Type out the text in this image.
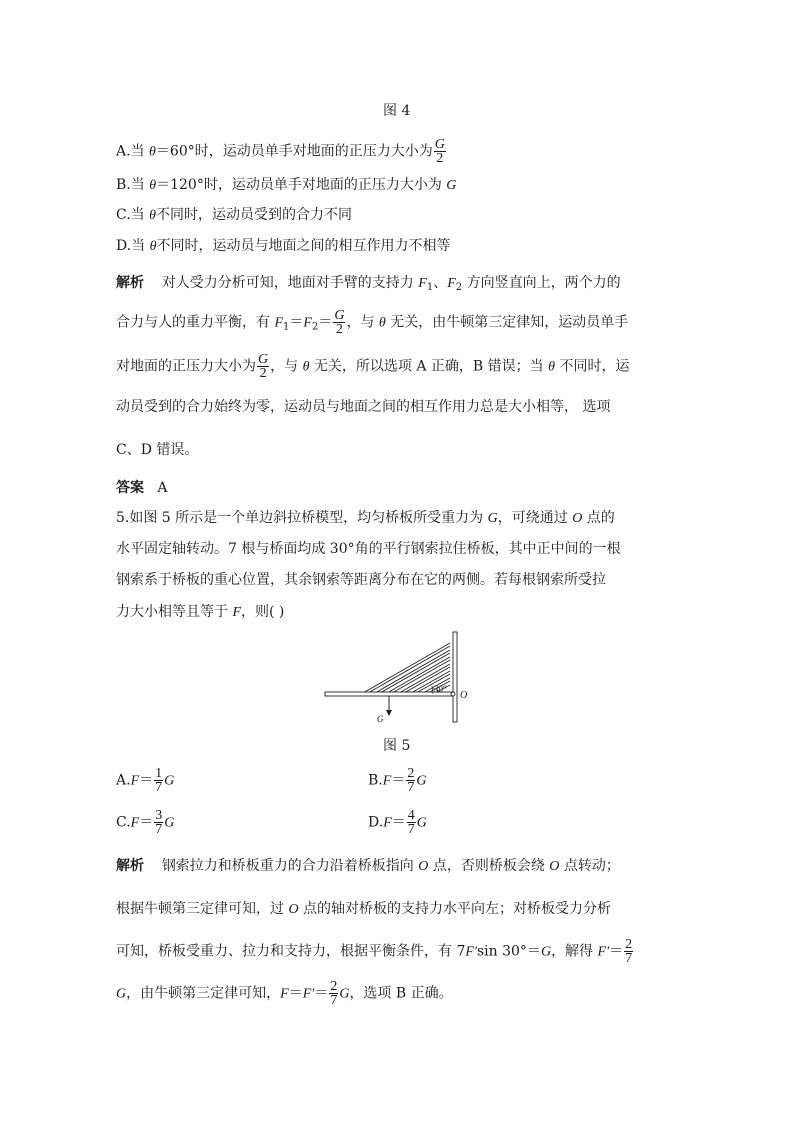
图 4
A.当 θ＝60°时，运动员单手对地面的正压力大小为 $\frac{G}{2}$
B.当 θ＝120°时，运动员单手对地面的正压力大小为 G
C.当 θ不同时，运动员受到的合力不同
D.当 θ不同时，运动员与地面之间的相互作用力不相等
解析 对人受力分析可知，地面对手臂的支持力 $F_1$、$F_2$ 方向竖直向上，两个力的
合力与人的重力平衡，有 $F_1=F_2= \frac{G}{2}$ ，与 θ 无关，由牛顿第三定律知，运动员单手
对地面的正压力大小为 $\frac{G}{2}$ ，与 θ 无关，所以选项 A 正确，B 错误；当 θ 不同时，运
动员受到的合力始终为零，运动员与地面之间的相互作用力总是大小相等， 选项
C、D 错误。
答案 A
5.如图 5 所示是一个单边斜拉桥模型，均匀桥板所受重力为 G，可绕通过 O 点的
水平固定轴转动。7 根与桥面均成 30°角的平行钢索拉住桥板，其中正中间的一根
钢索系于桥板的重心位置，其余钢索等距离分布在它的两侧。若每根钢索所受拉
力大小相等且等于 F，则( )
30°
O
G
图 5
$A.F= \frac{1}{7}$ G	$B.F= \frac{2}{7}$ G
$C.F= \frac{3}{7}$ G	$D.F= \frac{4}{7}$ G
解析 钢索拉力和桥板重力的合力沿着桥板指向 O 点，否则桥板会绕 O 点转动；
根据牛顿第三定律可知，过 O 点的轴对桥板的支持力水平向左；对桥板受力分析
可知，桥板受重力、拉力和支持力，根据平衡条件，有 7F′sin 30°＝G，解得 $F'= \frac{2}{7}$
G，由牛顿第三定律可知，$F=F'= \frac{2}{7}$ G，选项 B 正确。
